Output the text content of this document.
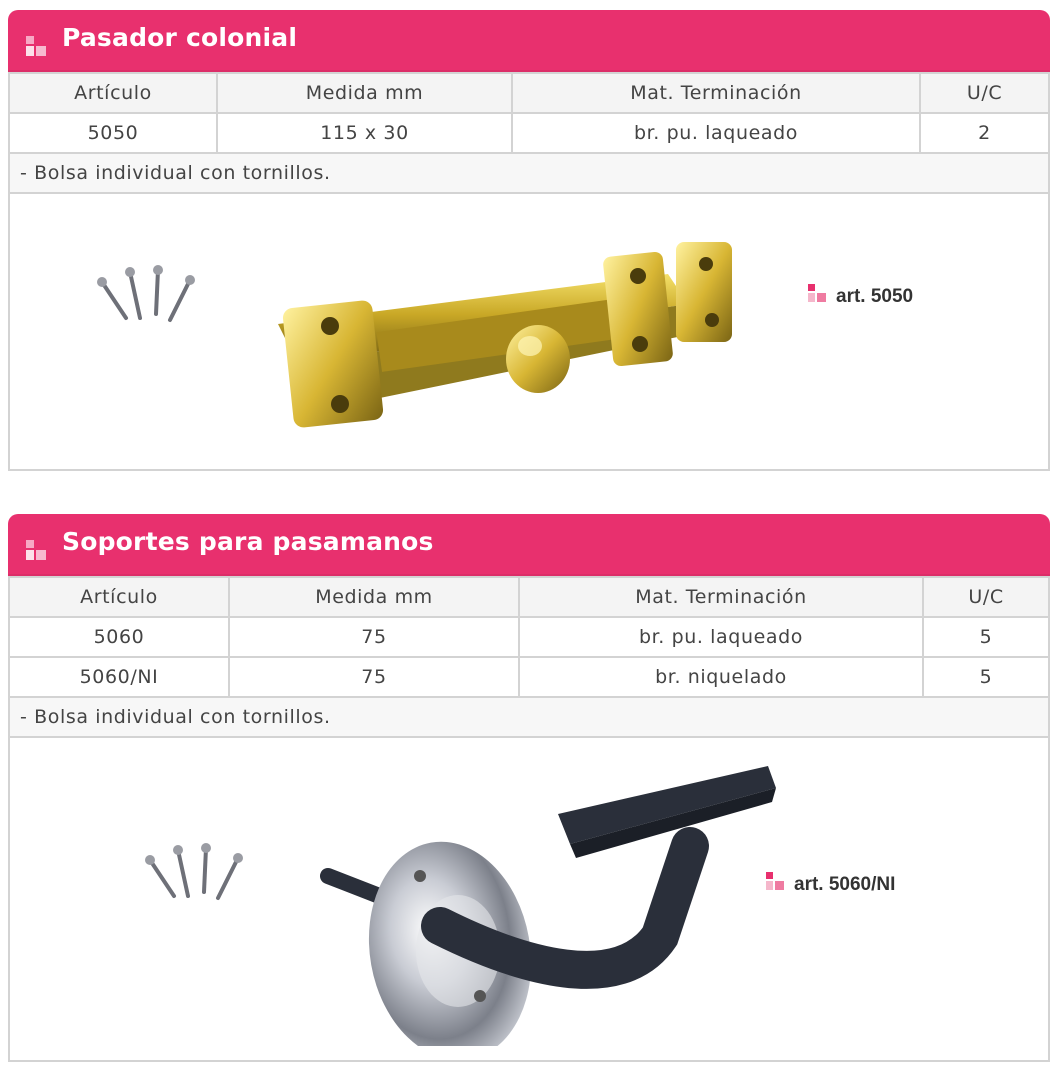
Pasador colonial
Artículo	Medida mm	Mat. Terminación	U/C
5050	115 x 30	br. pu. laqueado	2
- Bolsa individual con tornillos.			
art. 5050
Soportes para pasamanos
Artículo	Medida mm	Mat. Terminación	U/C
5060	75	br. pu. laqueado	5
5060/NI	75	br. niquelado	5
- Bolsa individual con tornillos.			
art. 5060/NI
